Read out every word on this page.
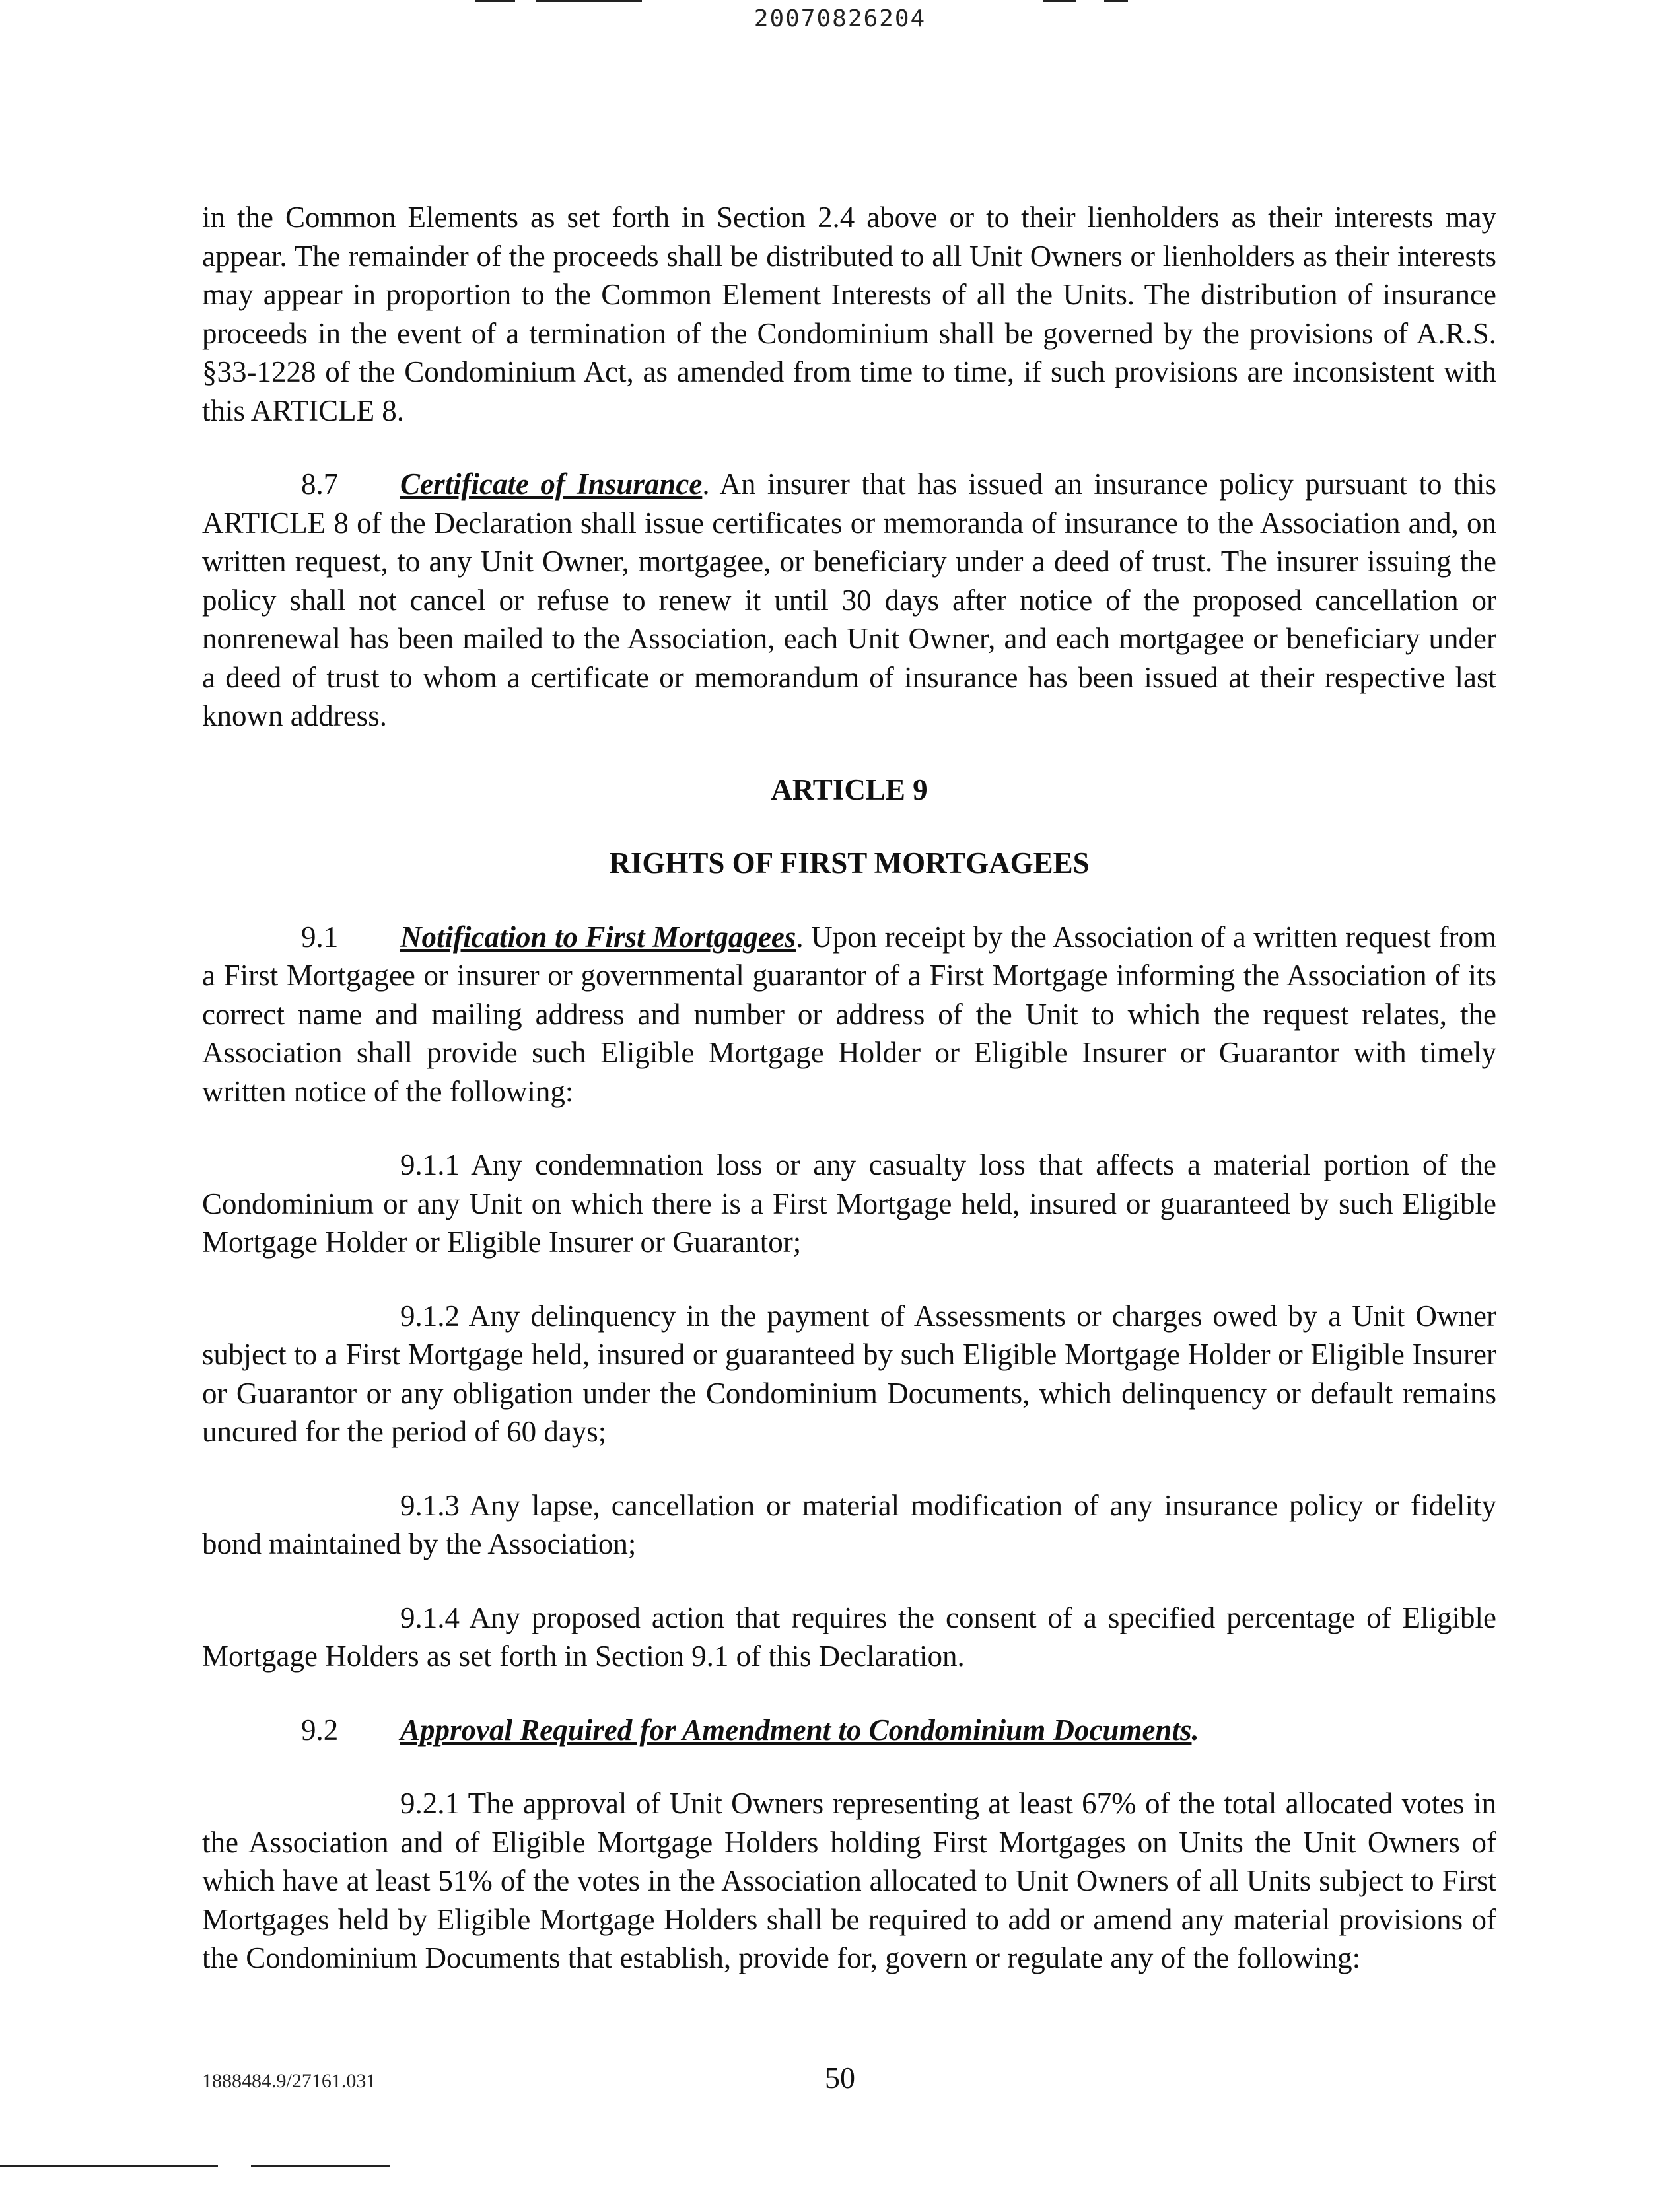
20070826204

in the Common Elements as set forth in Section 2.4 above or to their lienholders as their interests may appear. The remainder of the proceeds shall be distributed to all Unit Owners or lienholders as their interests may appear in proportion to the Common Element Interests of all the Units. The distribution of insurance proceeds in the event of a termination of the Condominium shall be governed by the provisions of A.R.S. §33-1228 of the Condominium Act, as amended from time to time, if such provisions are inconsistent with this ARTICLE 8.

8.7 Certificate of Insurance. An insurer that has issued an insurance policy pursuant to this ARTICLE 8 of the Declaration shall issue certificates or memoranda of insurance to the Association and, on written request, to any Unit Owner, mortgagee, or beneficiary under a deed of trust. The insurer issuing the policy shall not cancel or refuse to renew it until 30 days after notice of the proposed cancellation or nonrenewal has been mailed to the Association, each Unit Owner, and each mortgagee or beneficiary under a deed of trust to whom a certificate or memorandum of insurance has been issued at their respective last known address.

ARTICLE 9

RIGHTS OF FIRST MORTGAGEES

9.1 Notification to First Mortgagees. Upon receipt by the Association of a written request from a First Mortgagee or insurer or governmental guarantor of a First Mortgage informing the Association of its correct name and mailing address and number or address of the Unit to which the request relates, the Association shall provide such Eligible Mortgage Holder or Eligible Insurer or Guarantor with timely written notice of the following:

9.1.1 Any condemnation loss or any casualty loss that affects a material portion of the Condominium or any Unit on which there is a First Mortgage held, insured or guaranteed by such Eligible Mortgage Holder or Eligible Insurer or Guarantor;

9.1.2 Any delinquency in the payment of Assessments or charges owed by a Unit Owner subject to a First Mortgage held, insured or guaranteed by such Eligible Mortgage Holder or Eligible Insurer or Guarantor or any obligation under the Condominium Documents, which delinquency or default remains uncured for the period of 60 days;

9.1.3 Any lapse, cancellation or material modification of any insurance policy or fidelity bond maintained by the Association;

9.1.4 Any proposed action that requires the consent of a specified percentage of Eligible Mortgage Holders as set forth in Section 9.1 of this Declaration.

9.2 Approval Required for Amendment to Condominium Documents.

9.2.1 The approval of Unit Owners representing at least 67% of the total allocated votes in the Association and of Eligible Mortgage Holders holding First Mortgages on Units the Unit Owners of which have at least 51% of the votes in the Association allocated to Unit Owners of all Units subject to First Mortgages held by Eligible Mortgage Holders shall be required to add or amend any material provisions of the Condominium Documents that establish, provide for, govern or regulate any of the following:

1888484.9/27161.031	50
